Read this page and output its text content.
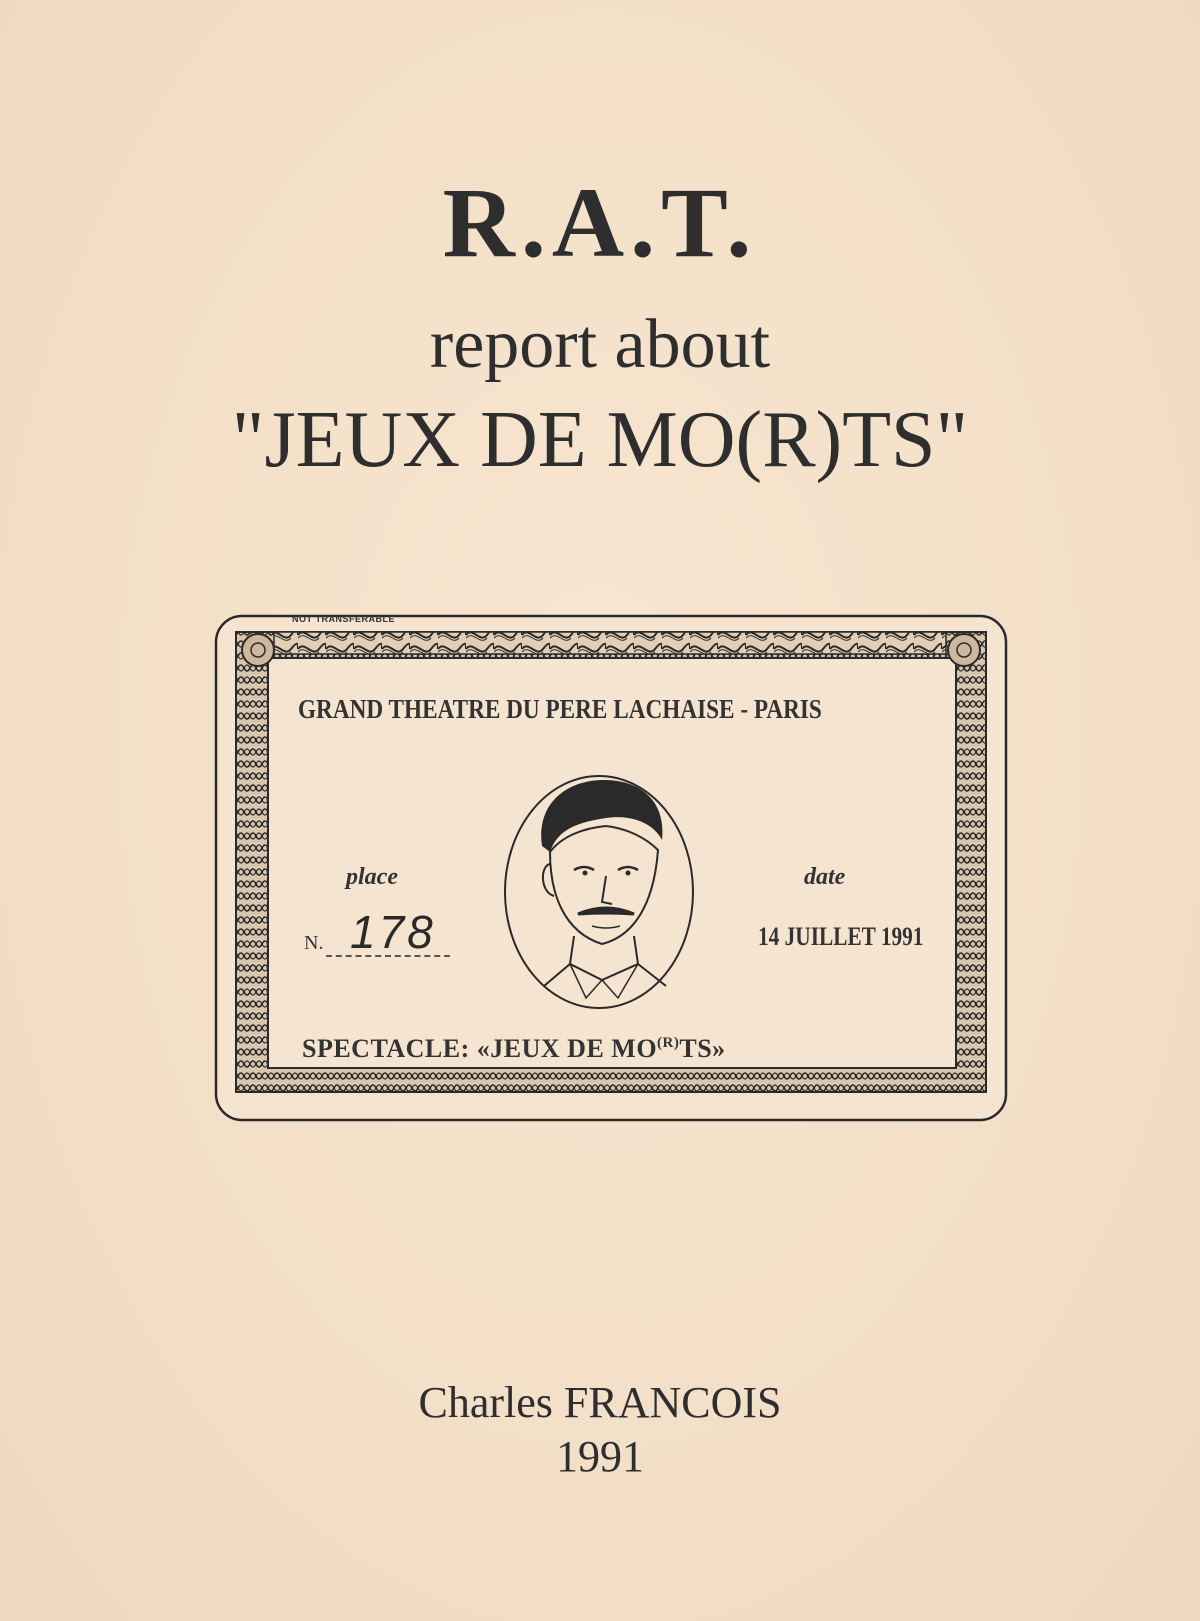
R.A.T.
report about
"JEUX DE MO(R)TS"
NOT TRANSFERABLE
GRAND THEATRE DU PERE LACHAISE - PARIS
place	date
N. 178	14 JUILLET 1991
SPECTACLE: «JEUX DE $MO^{(R)}TS$»
Charles FRANCOIS
1991
